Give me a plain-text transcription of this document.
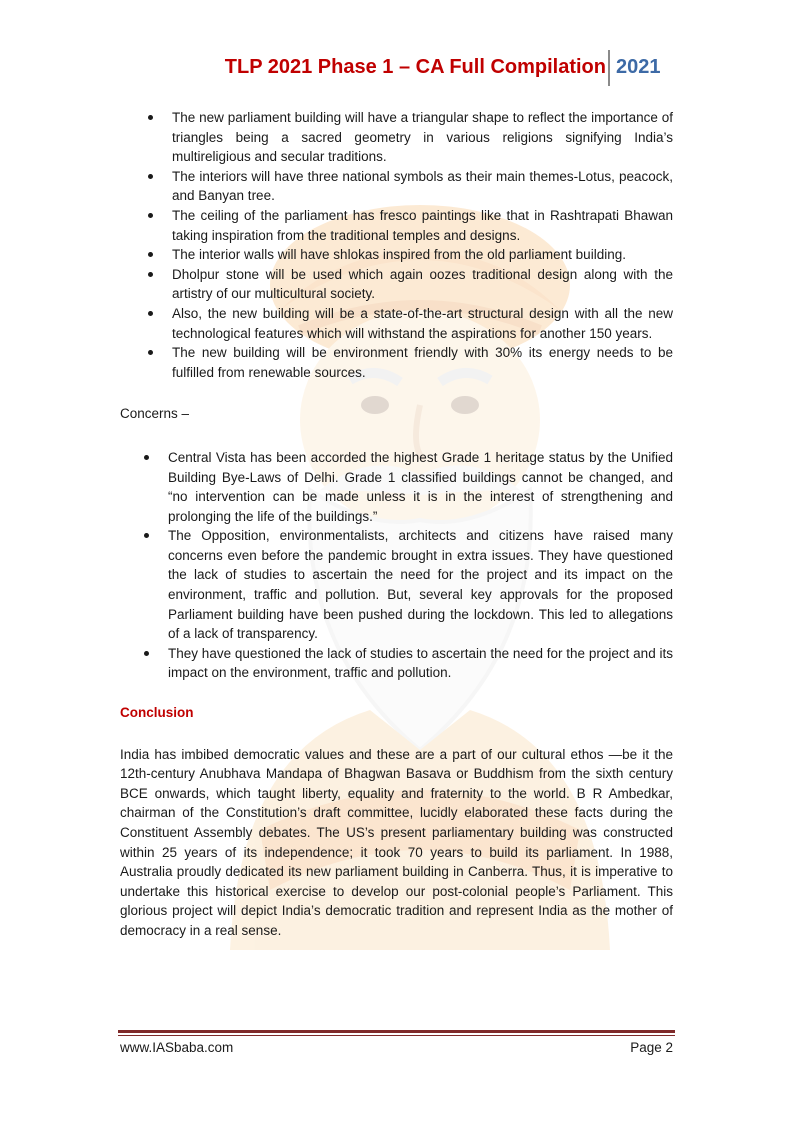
TLP 2021 Phase 1 – CA Full Compilation 2021
The new parliament building will have a triangular shape to reflect the importance of triangles being a sacred geometry in various religions signifying India’s multireligious and secular traditions.
The interiors will have three national symbols as their main themes-Lotus, peacock, and Banyan tree.
The ceiling of the parliament has fresco paintings like that in Rashtrapati Bhawan taking inspiration from the traditional temples and designs.
The interior walls will have shlokas inspired from the old parliament building.
Dholpur stone will be used which again oozes traditional design along with the artistry of our multicultural society.
Also, the new building will be a state-of-the-art structural design with all the new technological features which will withstand the aspirations for another 150 years.
The new building will be environment friendly with 30% its energy needs to be fulfilled from renewable sources.
Concerns –
Central Vista has been accorded the highest Grade 1 heritage status by the Unified Building Bye-Laws of Delhi. Grade 1 classified buildings cannot be changed, and “no intervention can be made unless it is in the interest of strengthening and prolonging the life of the buildings.”
The Opposition, environmentalists, architects and citizens have raised many concerns even before the pandemic brought in extra issues. They have questioned the lack of studies to ascertain the need for the project and its impact on the environment, traffic and pollution. But, several key approvals for the proposed Parliament building have been pushed during the lockdown. This led to allegations of a lack of transparency.
They have questioned the lack of studies to ascertain the need for the project and its impact on the environment, traffic and pollution.
Conclusion

India has imbibed democratic values and these are a part of our cultural ethos —be it the 12th-century Anubhava Mandapa of Bhagwan Basava or Buddhism from the sixth century BCE onwards, which taught liberty, equality and fraternity to the world. B R Ambedkar, chairman of the Constitution’s draft committee, lucidly elaborated these facts during the Constituent Assembly debates. The US’s present parliamentary building was constructed within 25 years of its independence; it took 70 years to build its parliament. In 1988, Australia proudly dedicated its new parliament building in Canberra. Thus, it is imperative to undertake this historical exercise to develop our post-colonial people’s Parliament. This glorious project will depict India’s democratic tradition and represent India as the mother of democracy in a real sense.

www.IASbaba.com	Page 2
